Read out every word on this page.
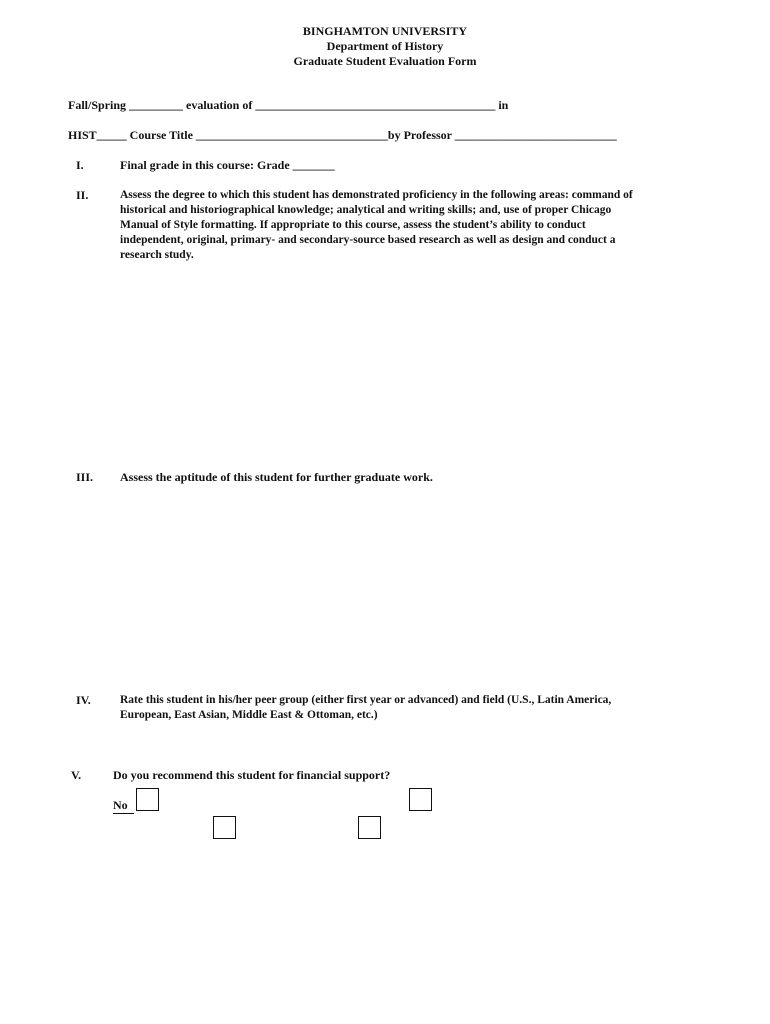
BINGHAMTON UNIVERSITY
Department of History
Graduate Student Evaluation Form
Fall/Spring _________ evaluation of ________________________________________ in
HIST_____ Course Title ________________________________by Professor ___________________________
I.	Final grade in this course: Grade _______
II.	Assess the degree to which this student has demonstrated proficiency in the following areas: command of historical and historiographical knowledge; analytical and writing skills; and, use of proper Chicago Manual of Style formatting. If appropriate to this course, assess the student’s ability to conduct independent, original, primary- and secondary-source based research as well as design and conduct a research study.
III. Assess the aptitude of this student for further graduate work.
IV.	Rate this student in his/her peer group (either first year or advanced) and field (U.S., Latin America, European, East Asian, Middle East & Ottoman, etc.)
V.	Do you recommend this student for financial support?
No
